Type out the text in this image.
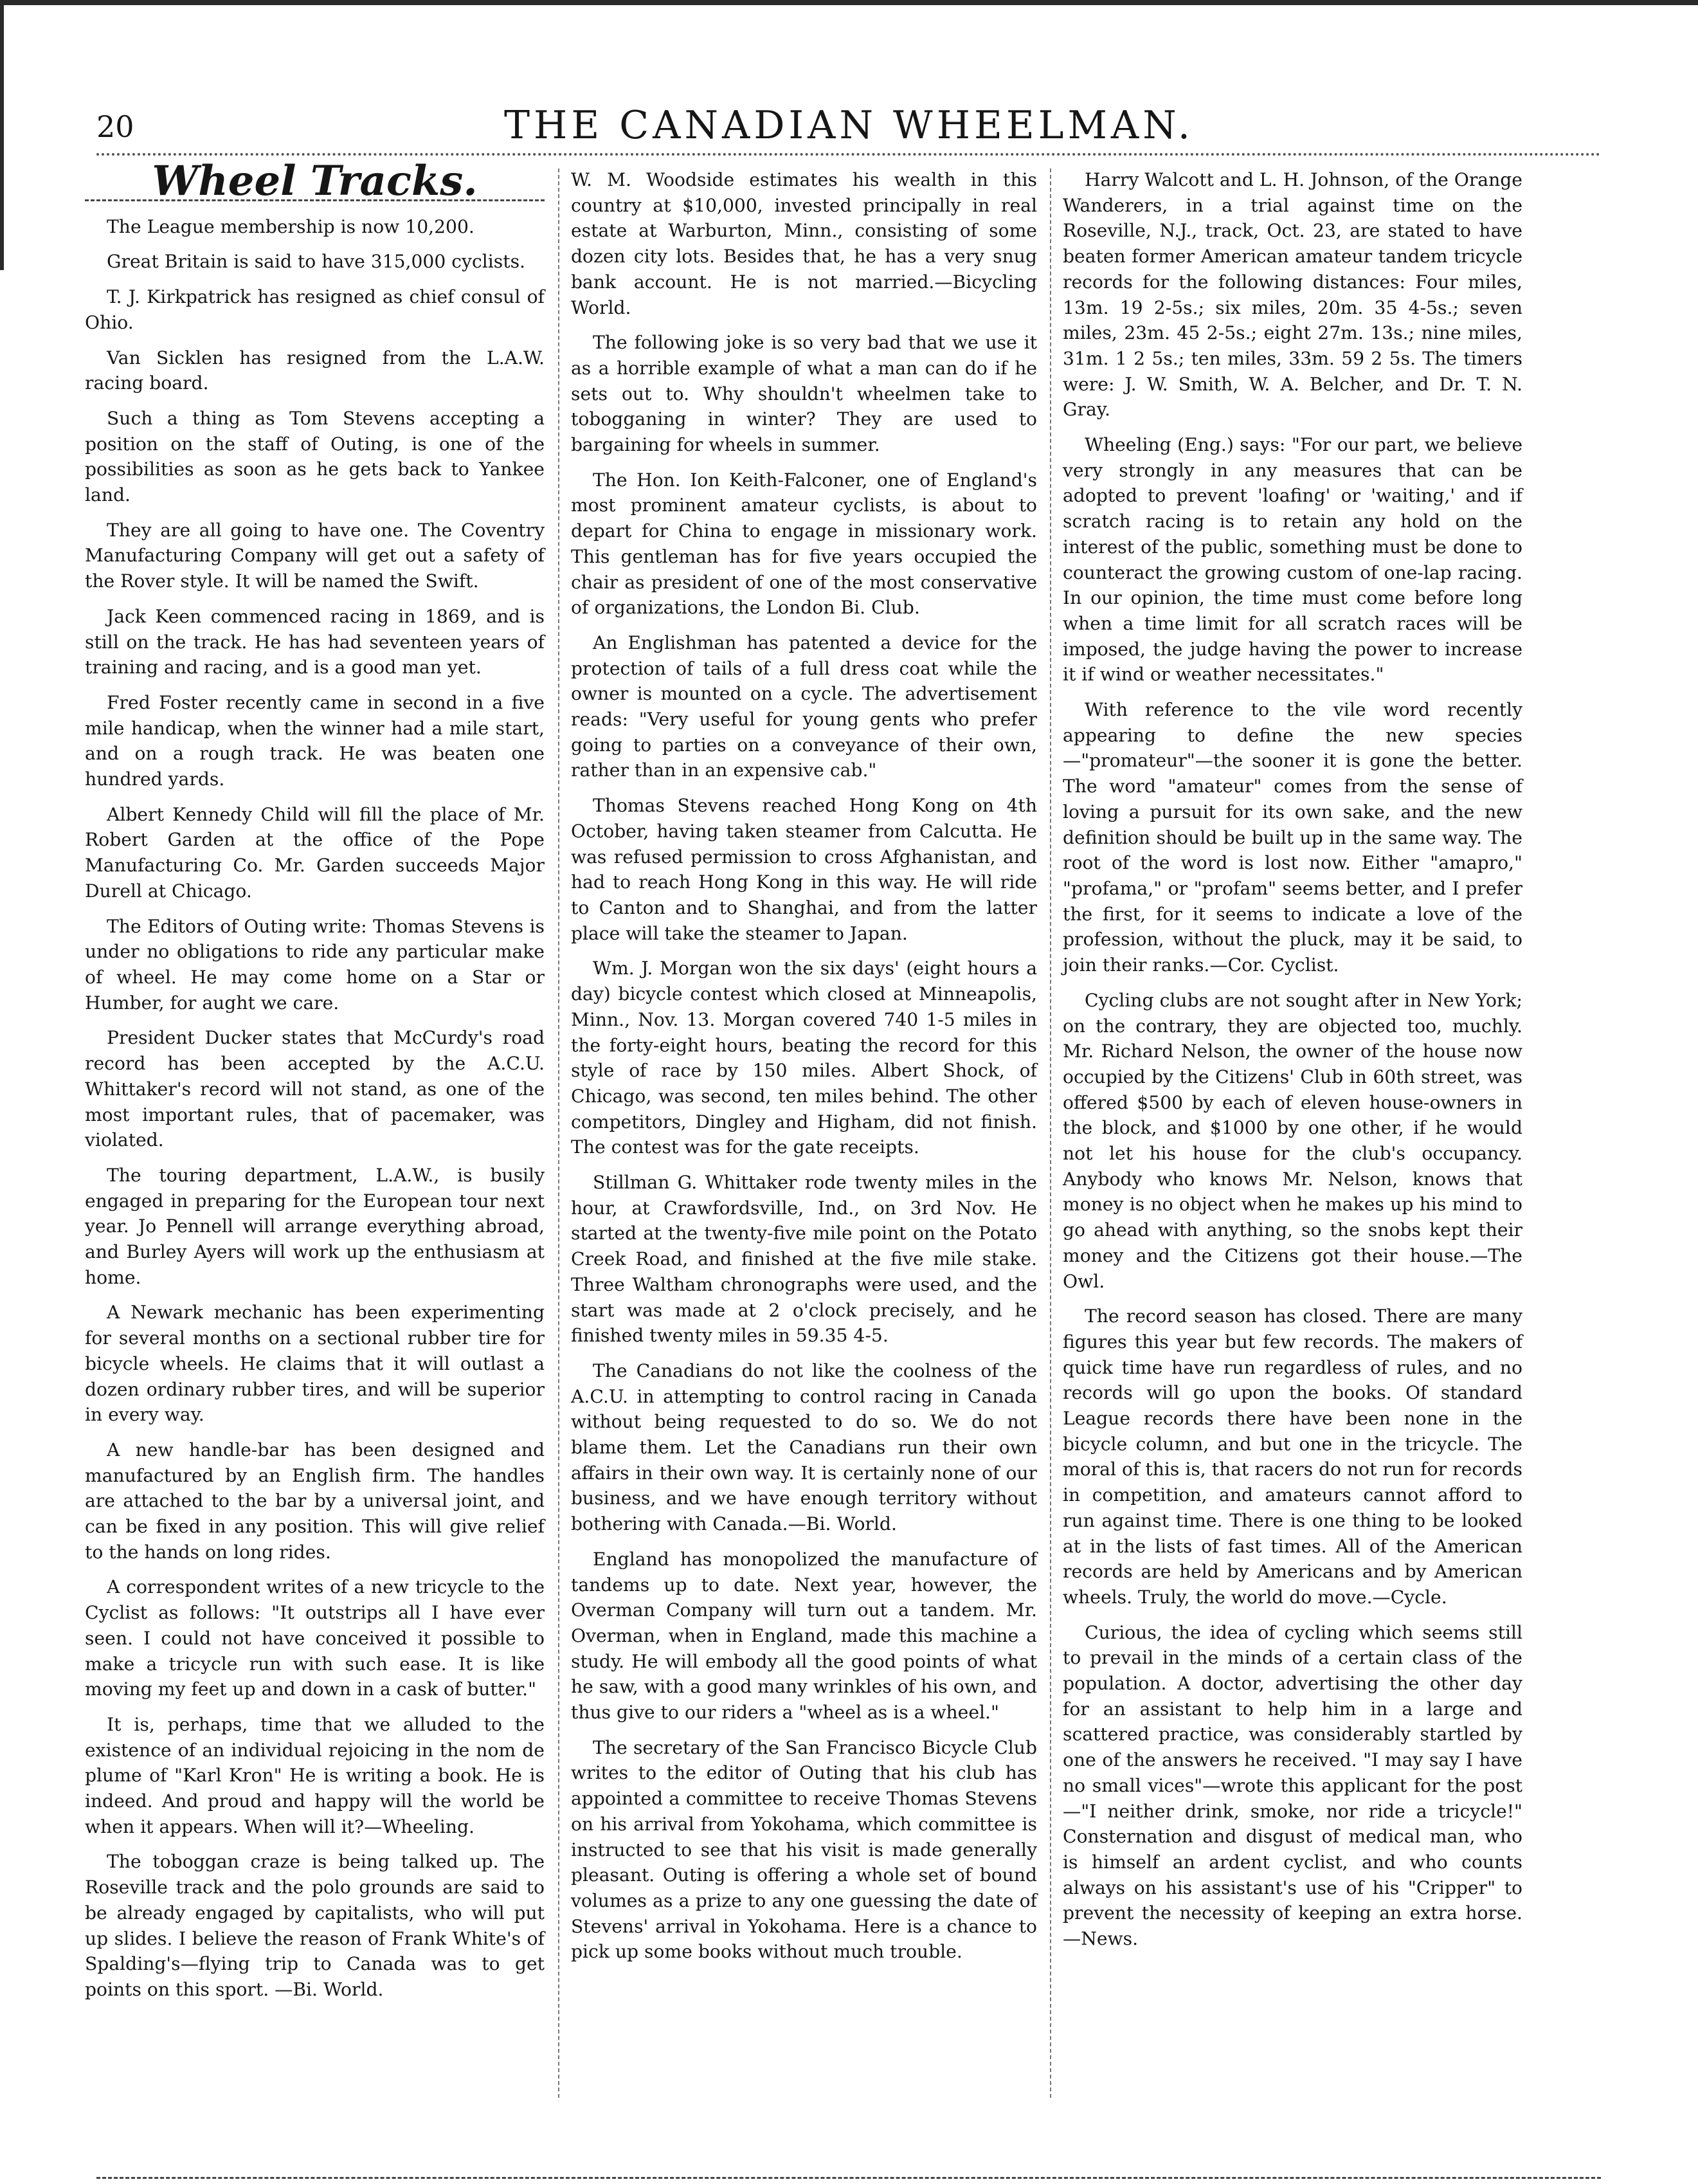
20	THE CANADIAN WHEELMAN.
Wheel Tracks.

The League membership is now 10,200.

Great Britain is said to have 315,000 cyclists.

T. J. Kirkpatrick has resigned as chief consul of Ohio.

Van Sicklen has resigned from the L.A.W. racing board.

Such a thing as Tom Stevens accepting a position on the staff of Outing, is one of the possibilities as soon as he gets back to Yankee land.

They are all going to have one. The Coventry Manufacturing Company will get out a safety of the Rover style. It will be named the Swift.

Jack Keen commenced racing in 1869, and is still on the track. He has had seventeen years of training and racing, and is a good man yet.

Fred Foster recently came in second in a five mile handicap, when the winner had a mile start, and on a rough track. He was beaten one hundred yards.

Albert Kennedy Child will fill the place of Mr. Robert Garden at the office of the Pope Manufacturing Co. Mr. Garden succeeds Major Durell at Chicago.

The Editors of Outing write: Thomas Stevens is under no obligations to ride any particular make of wheel. He may come home on a Star or Humber, for aught we care.

President Ducker states that McCurdy's road record has been accepted by the A.C.U. Whittaker's record will not stand, as one of the most important rules, that of pacemaker, was violated.

The touring department, L.A.W., is busily engaged in preparing for the European tour next year. Jo Pennell will arrange everything abroad, and Burley Ayers will work up the enthusiasm at home.

A Newark mechanic has been experimenting for several months on a sectional rubber tire for bicycle wheels. He claims that it will outlast a dozen ordinary rubber tires, and will be superior in every way.

A new handle-bar has been designed and manufactured by an English firm. The handles are attached to the bar by a universal joint, and can be fixed in any position. This will give relief to the hands on long rides.

A correspondent writes of a new tricycle to the Cyclist as follows: "It outstrips all I have ever seen. I could not have conceived it possible to make a tricycle run with such ease. It is like moving my feet up and down in a cask of butter."

It is, perhaps, time that we alluded to the existence of an individual rejoicing in the nom de plume of "Karl Kron" He is writing a book. He is indeed. And proud and happy will the world be when it appears. When will it?—Wheeling.

The toboggan craze is being talked up. The Roseville track and the polo grounds are said to be already engaged by capitalists, who will put up slides. I believe the reason of Frank White's of Spalding's—flying trip to Canada was to get points on this sport. —Bi. World.

W. M. Woodside estimates his wealth in this country at $10,000, invested principally in real estate at Warburton, Minn., consisting of some dozen city lots. Besides that, he has a very snug bank account. He is not married.—Bicycling World.

The following joke is so very bad that we use it as a horrible example of what a man can do if he sets out to. Why shouldn't wheelmen take to tobogganing in winter? They are used to bargaining for wheels in summer.

The Hon. Ion Keith-Falconer, one of England's most prominent amateur cyclists, is about to depart for China to engage in missionary work. This gentleman has for five years occupied the chair as president of one of the most conservative of organizations, the London Bi. Club.

An Englishman has patented a device for the protection of tails of a full dress coat while the owner is mounted on a cycle. The advertisement reads: "Very useful for young gents who prefer going to parties on a conveyance of their own, rather than in an expensive cab."

Thomas Stevens reached Hong Kong on 4th October, having taken steamer from Calcutta. He was refused permission to cross Afghanistan, and had to reach Hong Kong in this way. He will ride to Canton and to Shanghai, and from the latter place will take the steamer to Japan.

Wm. J. Morgan won the six days' (eight hours a day) bicycle contest which closed at Minneapolis, Minn., Nov. 13. Morgan covered 740 1-5 miles in the forty-eight hours, beating the record for this style of race by 150 miles. Albert Shock, of Chicago, was second, ten miles behind. The other competitors, Dingley and Higham, did not finish. The contest was for the gate receipts.

Stillman G. Whittaker rode twenty miles in the hour, at Crawfordsville, Ind., on 3rd Nov. He started at the twenty-five mile point on the Potato Creek Road, and finished at the five mile stake. Three Waltham chronographs were used, and the start was made at 2 o'clock precisely, and he finished twenty miles in 59.35 4-5.

The Canadians do not like the coolness of the A.C.U. in attempting to control racing in Canada without being requested to do so. We do not blame them. Let the Canadians run their own affairs in their own way. It is certainly none of our business, and we have enough territory without bothering with Canada.—Bi. World.

England has monopolized the manufacture of tandems up to date. Next year, however, the Overman Company will turn out a tandem. Mr. Overman, when in England, made this machine a study. He will embody all the good points of what he saw, with a good many wrinkles of his own, and thus give to our riders a "wheel as is a wheel."

The secretary of the San Francisco Bicycle Club writes to the editor of Outing that his club has appointed a committee to receive Thomas Stevens on his arrival from Yokohama, which committee is instructed to see that his visit is made generally pleasant. Outing is offering a whole set of bound volumes as a prize to any one guessing the date of Stevens' arrival in Yokohama. Here is a chance to pick up some books without much trouble.

Harry Walcott and L. H. Johnson, of the Orange Wanderers, in a trial against time on the Roseville, N.J., track, Oct. 23, are stated to have beaten former American amateur tandem tricycle records for the following distances: Four miles, 13m. 19 2-5s.; six miles, 20m. 35 4-5s.; seven miles, 23m. 45 2-5s.; eight 27m. 13s.; nine miles, 31m. 1 2 5s.; ten miles, 33m. 59 2 5s. The timers were: J. W. Smith, W. A. Belcher, and Dr. T. N. Gray.

Wheeling (Eng.) says: "For our part, we believe very strongly in any measures that can be adopted to prevent 'loafing' or 'waiting,' and if scratch racing is to retain any hold on the interest of the public, something must be done to counteract the growing custom of one-lap racing. In our opinion, the time must come before long when a time limit for all scratch races will be imposed, the judge having the power to increase it if wind or weather necessitates."

With reference to the vile word recently appearing to define the new species—"promateur"—the sooner it is gone the better. The word "amateur" comes from the sense of loving a pursuit for its own sake, and the new definition should be built up in the same way. The root of the word is lost now. Either "amapro," "profama," or "profam" seems better, and I prefer the first, for it seems to indicate a love of the profession, without the pluck, may it be said, to join their ranks.—Cor. Cyclist.

Cycling clubs are not sought after in New York; on the contrary, they are objected too, muchly. Mr. Richard Nelson, the owner of the house now occupied by the Citizens' Club in 60th street, was offered $500 by each of eleven house-owners in the block, and $1000 by one other, if he would not let his house for the club's occupancy. Anybody who knows Mr. Nelson, knows that money is no object when he makes up his mind to go ahead with anything, so the snobs kept their money and the Citizens got their house.—The Owl.

The record season has closed. There are many figures this year but few records. The makers of quick time have run regardless of rules, and no records will go upon the books. Of standard League records there have been none in the bicycle column, and but one in the tricycle. The moral of this is, that racers do not run for records in competition, and amateurs cannot afford to run against time. There is one thing to be looked at in the lists of fast times. All of the American records are held by Americans and by American wheels. Truly, the world do move.—Cycle.

Curious, the idea of cycling which seems still to prevail in the minds of a certain class of the population. A doctor, advertising the other day for an assistant to help him in a large and scattered practice, was considerably startled by one of the answers he received. "I may say I have no small vices"—wrote this applicant for the post—"I neither drink, smoke, nor ride a tricycle!" Consternation and disgust of medical man, who is himself an ardent cyclist, and who counts always on his assistant's use of his "Cripper" to prevent the necessity of keeping an extra horse.—News.
